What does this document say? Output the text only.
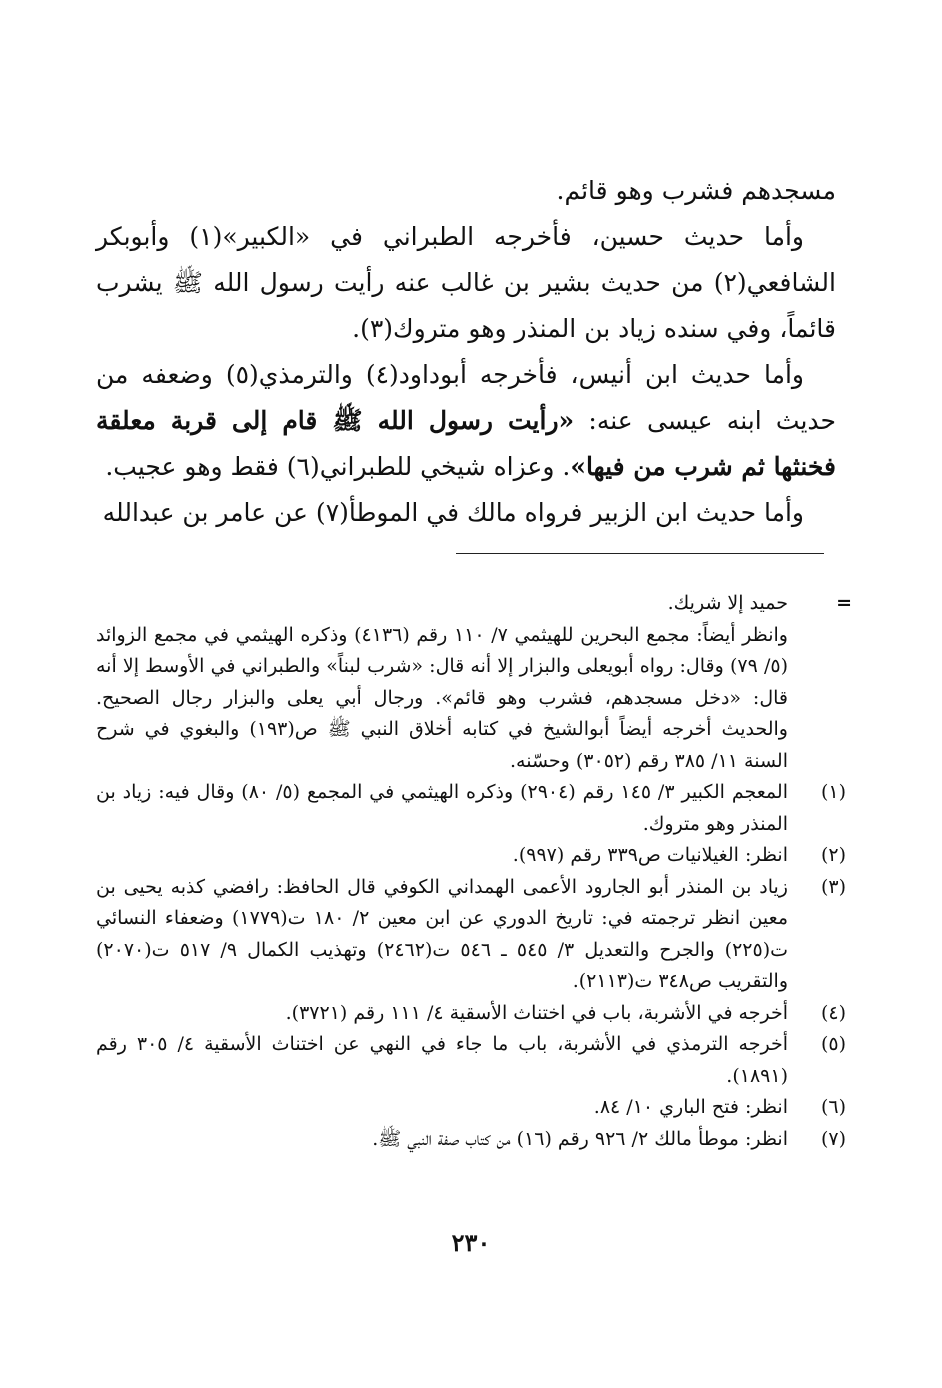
مسجدهم فشرب وهو قائم.

وأما حديث حسين، فأخرجه الطبراني في «الكبير»(١) وأبوبكر الشافعي(٢) من حديث بشير بن غالب عنه رأيت رسول الله ﷺ يشرب قائماً، وفي سنده زياد بن المنذر وهو متروك(٣).

وأما حديث ابن أنيس، فأخرجه أبوداود(٤) والترمذي(٥) وضعفه من حديث ابنه عيسى عنه: «رأيت رسول الله ﷺ قام إلى قربة معلقة فخنثها ثم شرب من فيها». وعزاه شيخي للطبراني(٦) فقط وهو عجيب.

وأما حديث ابن الزبير فرواه مالك في الموطأ(٧) عن عامر بن عبدالله

=
حميد إلا شريك.
وانظر أيضاً: مجمع البحرين للهيثمي ٧/ ١١٠ رقم (٤١٣٦) وذكره الهيثمي في مجمع الزوائد (٥/ ٧٩) وقال: رواه أبويعلى والبزار إلا أنه قال: «شرب لبناً» والطبراني في الأوسط إلا أنه قال: «دخل مسجدهم، فشرب وهو قائم». ورجال أبي يعلى والبزار رجال الصحيح. والحديث أخرجه أيضاً أبوالشيخ في كتابه أخلاق النبي ﷺ ص(١٩٣) والبغوي في شرح السنة ١١/ ٣٨٥ رقم (٣٠٥٢) وحسّنه.
(١)
المعجم الكبير ٣/ ١٤٥ رقم (٢٩٠٤) وذكره الهيثمي في المجمع (٥/ ٨٠) وقال فيه: زياد بن المنذر وهو متروك.
(٢)
انظر: الغيلانيات ص٣٣٩ رقم (٩٩٧).
(٣)
زياد بن المنذر أبو الجارود الأعمى الهمداني الكوفي قال الحافظ: رافضي كذبه يحيى بن معين انظر ترجمته في: تاريخ الدوري عن ابن معين ٢/ ١٨٠ ت(١٧٧٩) وضعفاء النسائي ت(٢٢٥) والجرح والتعديل ٣/ ٥٤٥ ـ ٥٤٦ ت(٢٤٦٢) وتهذيب الكمال ٩/ ٥١٧ ت(٢٠٧٠) والتقريب ص٣٤٨ ت(٢١١٣).
(٤)
أخرجه في الأشربة، باب في اختناث الأسقية ٤/ ١١١ رقم (٣٧٢١).
(٥)
أخرجه الترمذي في الأشربة، باب ما جاء في النهي عن اختناث الأسقية ٤/ ٣٠٥ رقم (١٨٩١).
(٦)
انظر: فتح الباري ١٠/ ٨٤.
(٧)
انظر: موطأ مالك ٢/ ٩٢٦ رقم (١٦) من كتاب صفة النبي ﷺ.
٢٣٠
